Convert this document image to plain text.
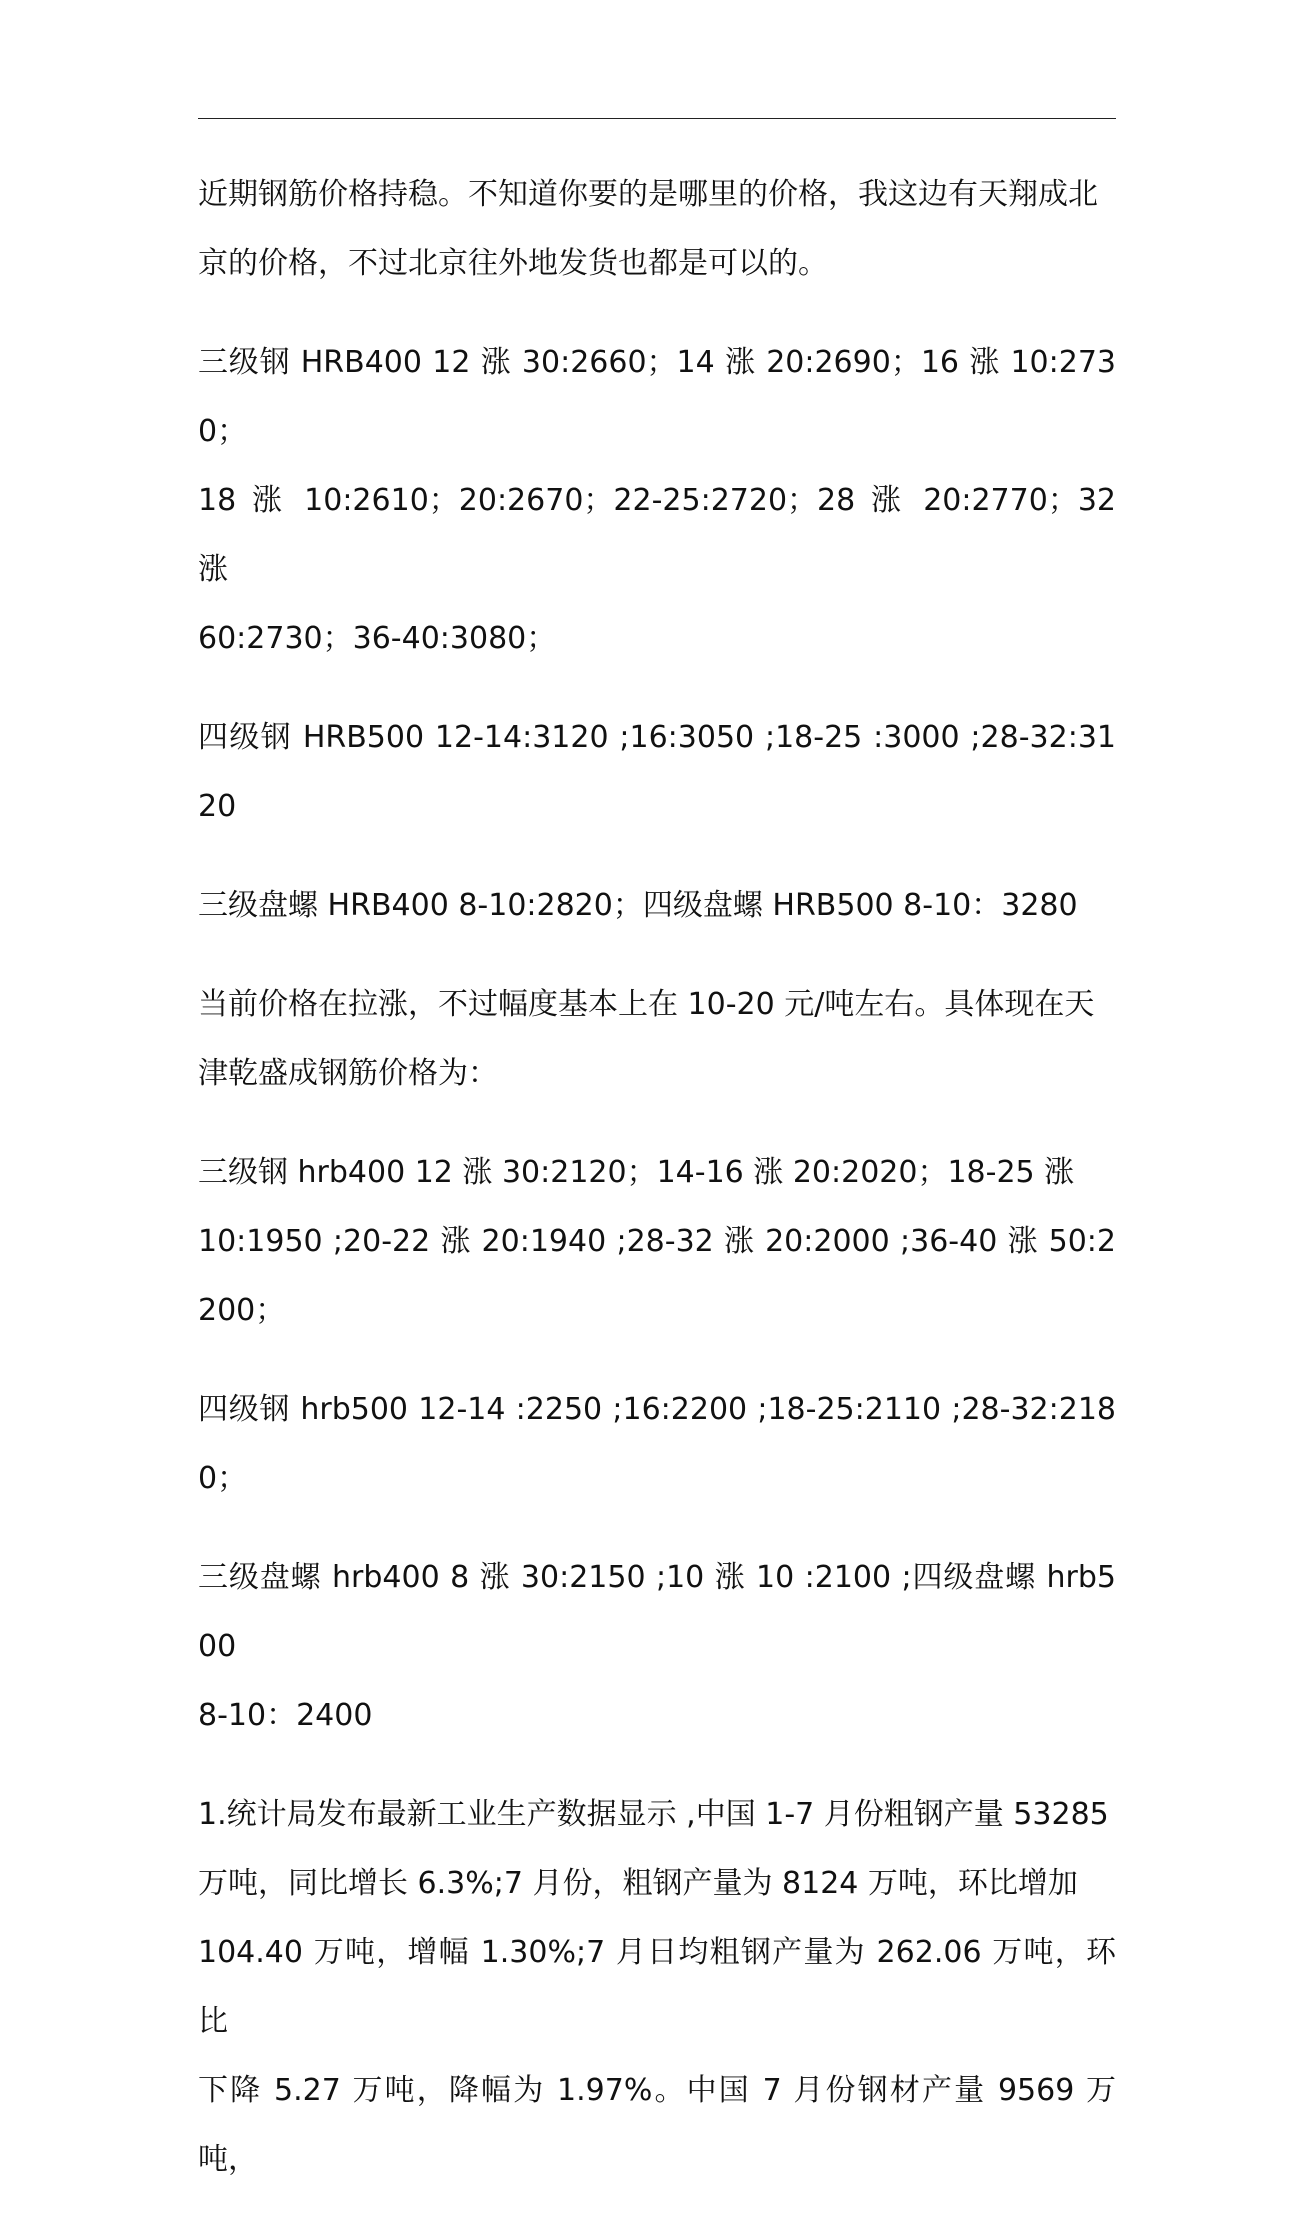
近期钢筋价格持稳。不知道你要的是哪里的价格，我这边有天翔成北
京的价格，不过北京往外地发货也都是可以的。

三级钢 HRB400 12 涨 30:2660；14 涨 20:2690；16 涨 10:2730；
18 涨 10:2610；20:2670；22-25:2720；28 涨 20:2770；32 涨
60:2730；36-40:3080；

四级钢 HRB500 12-14:3120 ;16:3050 ;18-25 :3000 ;28-32:3120

三级盘螺 HRB400 8-10:2820；四级盘螺 HRB500 8-10：3280

当前价格在拉涨，不过幅度基本上在 10-20 元/吨左右。具体现在天
津乾盛成钢筋价格为：

三级钢 hrb400 12 涨 30:2120；14-16 涨 20:2020；18-25 涨
10:1950 ;20-22 涨 20:1940 ;28-32 涨 20:2000 ;36-40 涨 50:2200；

四级钢 hrb500 12-14 :2250 ;16:2200 ;18-25:2110 ;28-32:2180；

三级盘螺 hrb400 8 涨 30:2150 ;10 涨 10 :2100 ;四级盘螺 hrb500
8-10：2400

1.统计局发布最新工业生产数据显示 ,中国 1-7 月份粗钢产量 53285
万吨，同比增长 6.3%;7 月份，粗钢产量为 8124 万吨，环比增加
104.40 万吨，增幅 1.30%;7 月日均粗钢产量为 262.06 万吨，环比
下降 5.27 万吨，降幅为 1.97%。中国 7 月份钢材产量 9569 万吨，
